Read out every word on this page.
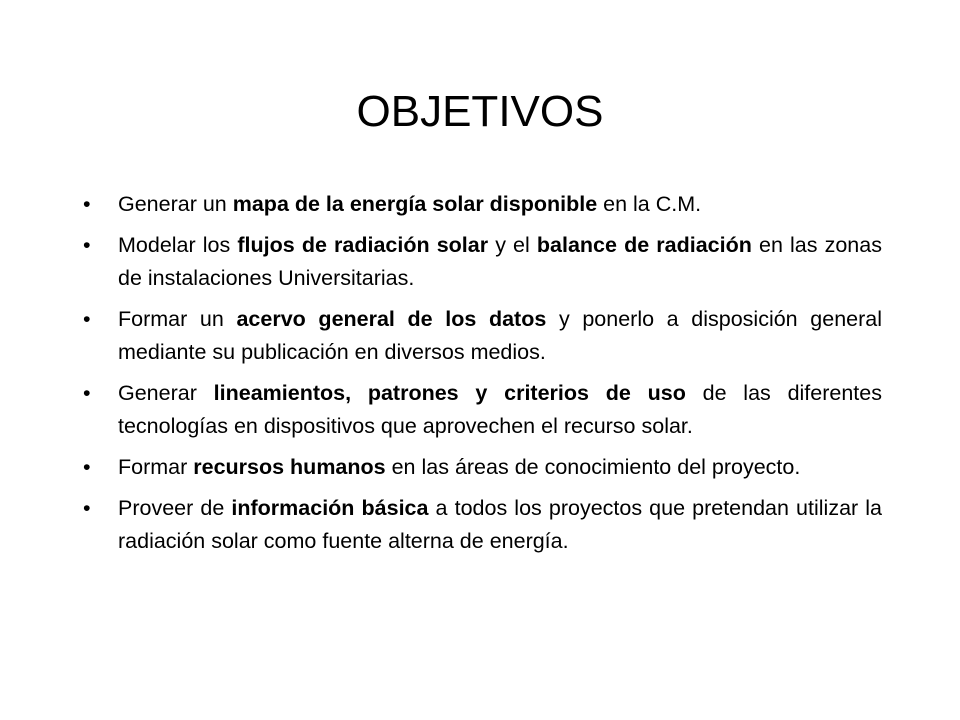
OBJETIVOS
• Generar un mapa de la energía solar disponible en la C.M.
• Modelar los flujos de radiación solar y el balance de radiación en las zonas de instalaciones Universitarias.
• Formar un acervo general de los datos y ponerlo a disposición general mediante su publicación en diversos medios.
• Generar lineamientos, patrones y criterios de uso de las diferentes tecnologías en dispositivos que aprovechen el recurso solar.
• Formar recursos humanos en las áreas de conocimiento del proyecto.
• Proveer de información básica a todos los proyectos que pretendan utilizar la radiación solar como fuente alterna de energía.
